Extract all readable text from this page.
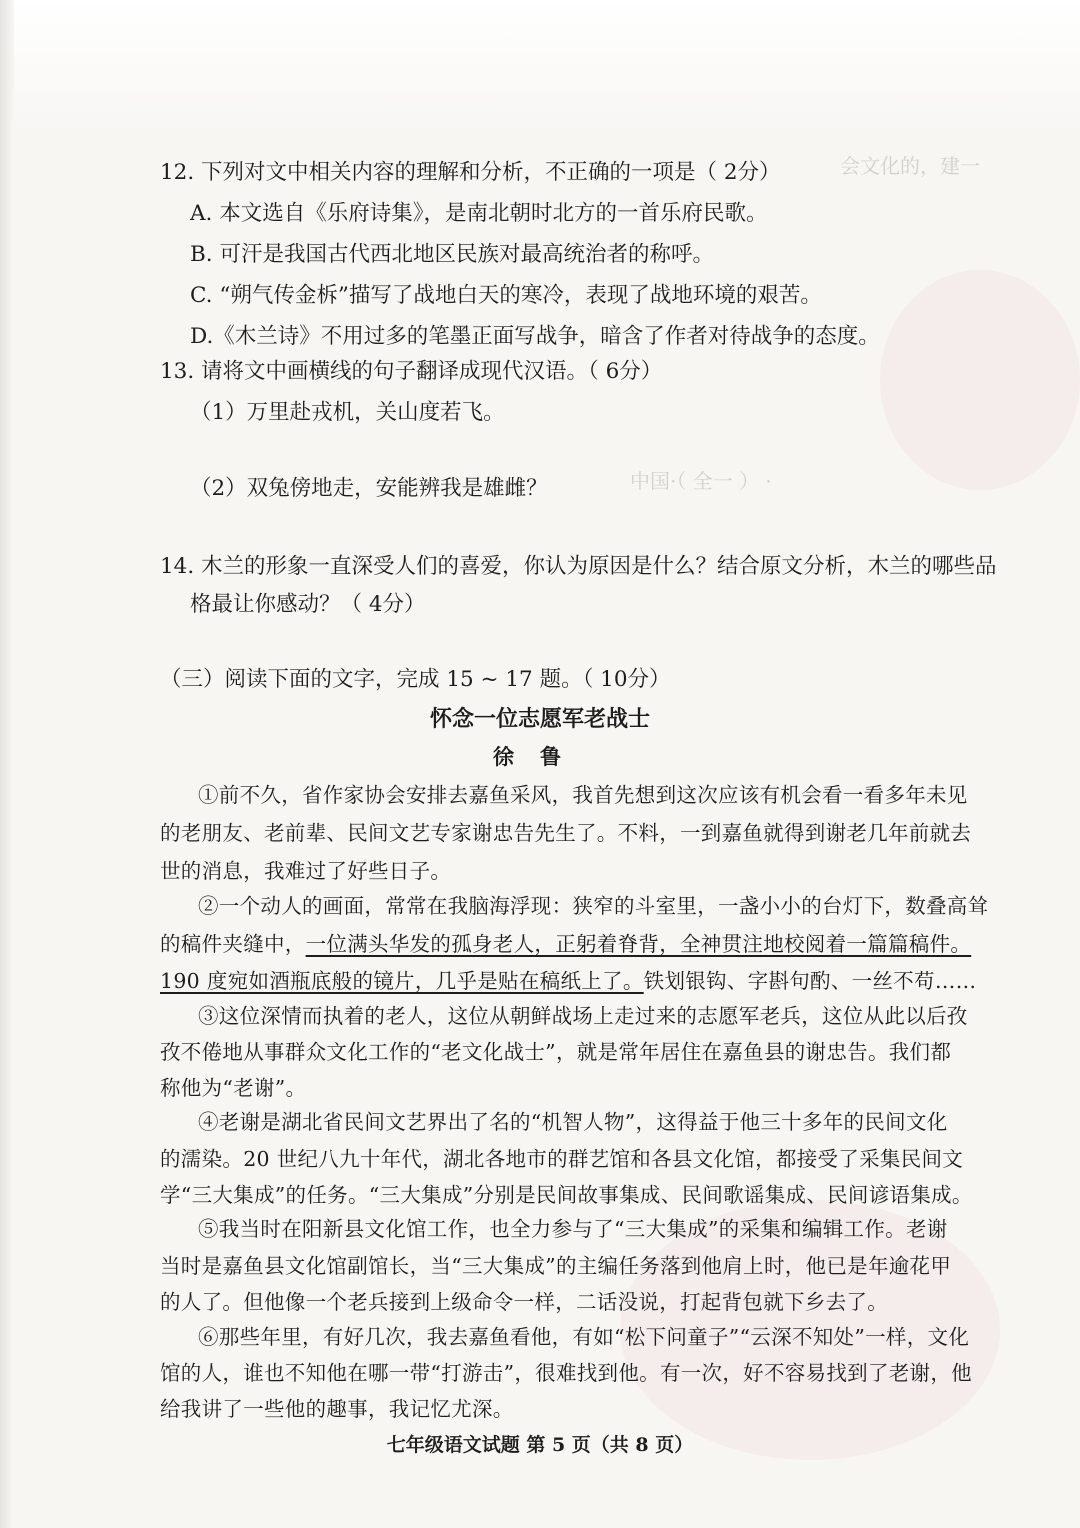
会文化的，建一
中国·（ 全一 ） ·
12. 下列对文中相关内容的理解和分析，不正确的一项是（ 2分）
A. 本文选自《乐府诗集》，是南北朝时北方的一首乐府民歌。
B. 可汗是我国古代西北地区民族对最高统治者的称呼。
C. “朔气传金柝”描写了战地白天的寒冷，表现了战地环境的艰苦。
D.《木兰诗》不用过多的笔墨正面写战争，暗含了作者对待战争的态度。
13. 请将文中画横线的句子翻译成现代汉语。（ 6分）
（1）万里赴戎机，关山度若飞。
（2）双兔傍地走，安能辨我是雄雌？
14. 木兰的形象一直深受人们的喜爱，你认为原因是什么？结合原文分析，木兰的哪些品
格最让你感动？（ 4分）
（三）阅读下面的文字，完成 15 ~ 17 题。（ 10分）
怀念一位志愿军老战士
徐鲁
①前不久，省作家协会安排去嘉鱼采风，我首先想到这次应该有机会看一看多年未见
的老朋友、老前辈、民间文艺专家谢忠告先生了。不料，一到嘉鱼就得到谢老几年前就去
世的消息，我难过了好些日子。
②一个动人的画面，常常在我脑海浮现：狭窄的斗室里，一盏小小的台灯下，数叠高耸
的稿件夹缝中，一位满头华发的孤身老人，正躬着脊背，全神贯注地校阅着一篇篇稿件。
190 度宛如酒瓶底般的镜片，几乎是贴在稿纸上了。铁划银钩、字斟句酌、一丝不苟……
③这位深情而执着的老人，这位从朝鲜战场上走过来的志愿军老兵，这位从此以后孜
孜不倦地从事群众文化工作的“老文化战士”，就是常年居住在嘉鱼县的谢忠告。我们都
称他为“老谢”。
④老谢是湖北省民间文艺界出了名的“机智人物”，这得益于他三十多年的民间文化
的濡染。20 世纪八九十年代，湖北各地市的群艺馆和各县文化馆，都接受了采集民间文
学“三大集成”的任务。“三大集成”分别是民间故事集成、民间歌谣集成、民间谚语集成。
⑤我当时在阳新县文化馆工作，也全力参与了“三大集成”的采集和编辑工作。老谢
当时是嘉鱼县文化馆副馆长，当“三大集成”的主编任务落到他肩上时，他已是年逾花甲
的人了。但他像一个老兵接到上级命令一样，二话没说，打起背包就下乡去了。
⑥那些年里，有好几次，我去嘉鱼看他，有如“松下问童子”“云深不知处”一样，文化
馆的人，谁也不知他在哪一带“打游击”，很难找到他。有一次，好不容易找到了老谢，他
给我讲了一些他的趣事，我记忆尤深。
七年级语文试题 第 5 页（共 8 页）
